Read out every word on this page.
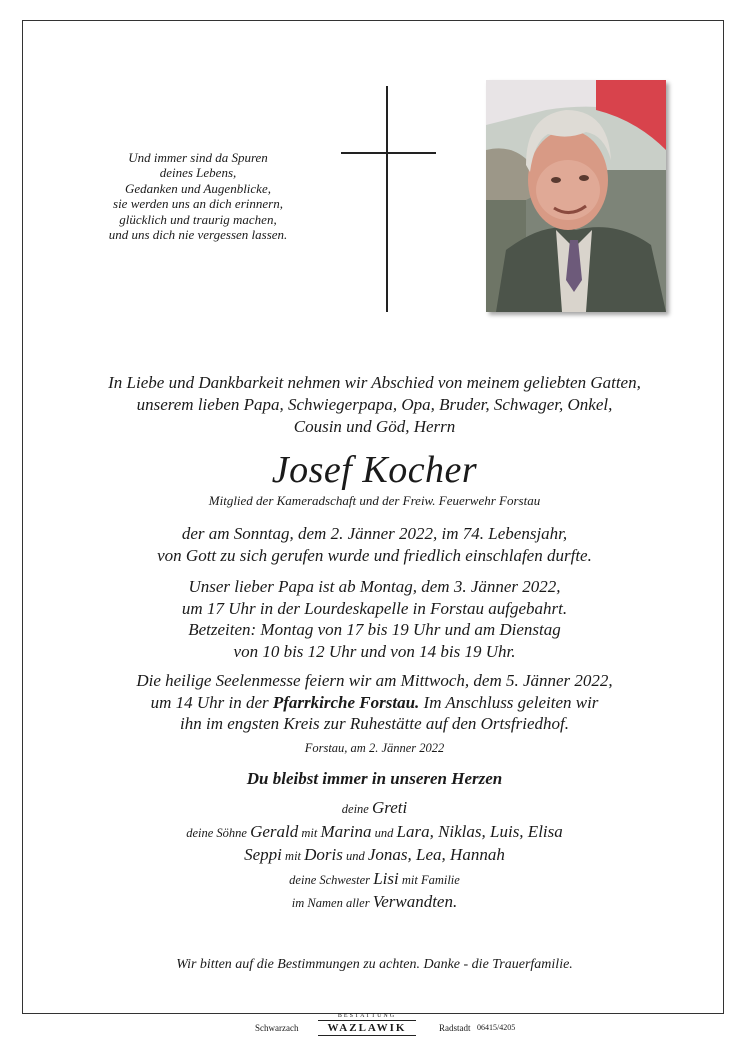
Und immer sind da Spuren
deines Lebens,
Gedanken und Augenblicke,
sie werden uns an dich erinnern,
glücklich und traurig machen,
und uns dich nie vergessen lassen.
In Liebe und Dankbarkeit nehmen wir Abschied von meinem geliebten Gatten,
unserem lieben Papa, Schwiegerpapa, Opa, Bruder, Schwager, Onkel,
Cousin und Göd, Herrn
Josef Kocher
Mitglied der Kameradschaft und der Freiw. Feuerwehr Forstau
der am Sonntag, dem 2. Jänner 2022, im 74. Lebensjahr,
von Gott zu sich gerufen wurde und friedlich einschlafen durfte.
Unser lieber Papa ist ab Montag, dem 3. Jänner 2022,
um 17 Uhr in der Lourdeskapelle in Forstau aufgebahrt.
Betzeiten: Montag von 17 bis 19 Uhr und am Dienstag
von 10 bis 12 Uhr und von 14 bis 19 Uhr.
Die heilige Seelenmesse feiern wir am Mittwoch, dem 5. Jänner 2022,
um 14 Uhr in der Pfarrkirche Forstau. Im Anschluss geleiten wir
ihn im engsten Kreis zur Ruhestätte auf den Ortsfriedhof.
Forstau, am 2. Jänner 2022
Du bleibst immer in unseren Herzen
deine Greti
deine Söhne Gerald mit Marina und Lara, Niklas, Luis, Elisa
Seppi mit Doris und Jonas, Lea, Hannah
deine Schwester Lisi mit Familie
im Namen aller Verwandten.
Wir bitten auf die Bestimmungen zu achten. Danke - die Trauerfamilie.
Schwarzach
BESTATTUNG
WAZLAWIK	Radstadt 06415/4205
